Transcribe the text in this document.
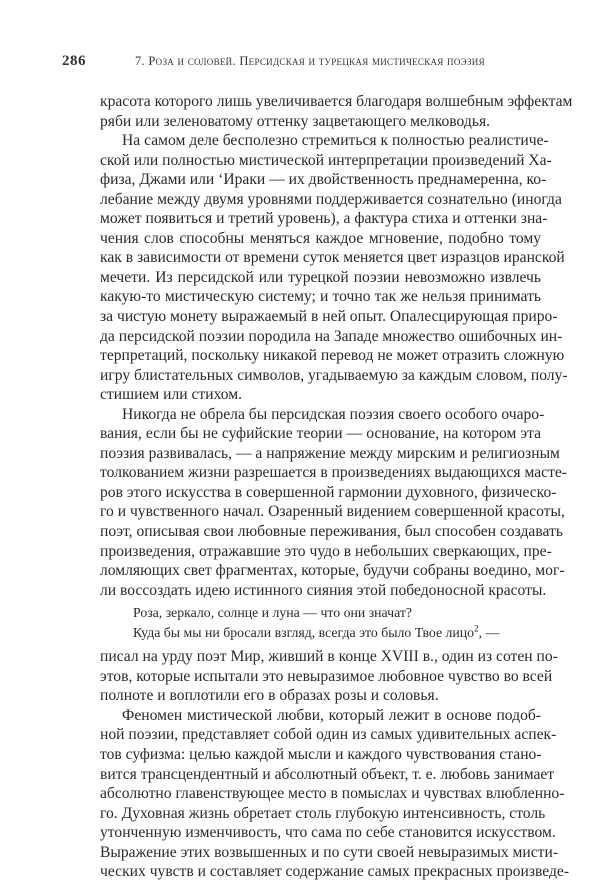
286	7. Роза и соловей. Персидская и турецкая мистическая поэзия
красота которого лишь увеличивается благодаря волшебным эффектам
ряби или зеленоватому оттенку зацветающего мелководья.
На самом деле бесполезно стремиться к полностью реалистиче-
ской или полностью мистической интерпретации произведений Ха-
физа, Джами или ‘Ираки — их двойственность преднамеренна, ко-
лебание между двумя уровнями поддерживается сознательно (иногда
может появиться и третий уровень), а фактура стиха и оттенки зна-
чения слов способны меняться каждое мгновение, подобно тому
как в зависимости от времени суток меняется цвет изразцов иранской
мечети. Из персидской или турецкой поэзии невозможно извлечь
какую-то мистическую систему; и точно так же нельзя принимать
за чистую монету выражаемый в ней опыт. Опалесцирующая приро-
да персидской поэзии породила на Западе множество ошибочных ин-
терпретаций, поскольку никакой перевод не может отразить сложную
игру блистательных символов, угадываемую за каждым словом, полу-
стишием или стихом.
Никогда не обрела бы персидская поэзия своего особого очаро-
вания, если бы не суфийские теории — основание, на котором эта
поэзия развивалась, — а напряжение между мирским и религиозным
толкованием жизни разрешается в произведениях выдающихся масте-
ров этого искусства в совершенной гармонии духовного, физическо-
го и чувственного начал. Озаренный видением совершенной красоты,
поэт, описывая свои любовные переживания, был способен создавать
произведения, отражавшие это чудо в небольших сверкающих, пре-
ломляющих свет фрагментах, которые, будучи собраны воедино, мог-
ли воссоздать идею истинного сияния этой победоносной красоты.
Роза, зеркало, солнце и луна — что они значат?
Куда бы мы ни бросали взгляд, всегда это было Твое лицо$^2$, —
писал на урду поэт Мир, живший в конце XVIII в., один из сотен по-
этов, которые испытали это невыразимое любовное чувство во всей
полноте и воплотили его в образах розы и соловья.
Феномен мистической любви, который лежит в основе подоб-
ной поэзии, представляет собой один из самых удивительных аспек-
тов суфизма: целью каждой мысли и каждого чувствования стано-
вится трансцендентный и абсолютный объект, т. е. любовь занимает
абсолютно главенствующее место в помыслах и чувствах влюбленно-
го. Духовная жизнь обретает столь глубокую интенсивность, столь
утонченную изменчивость, что сама по себе становится искусством.
Выражение этих возвышенных и по сути своей невыразимых мисти-
ческих чувств и составляет содержание самых прекрасных произведе-
